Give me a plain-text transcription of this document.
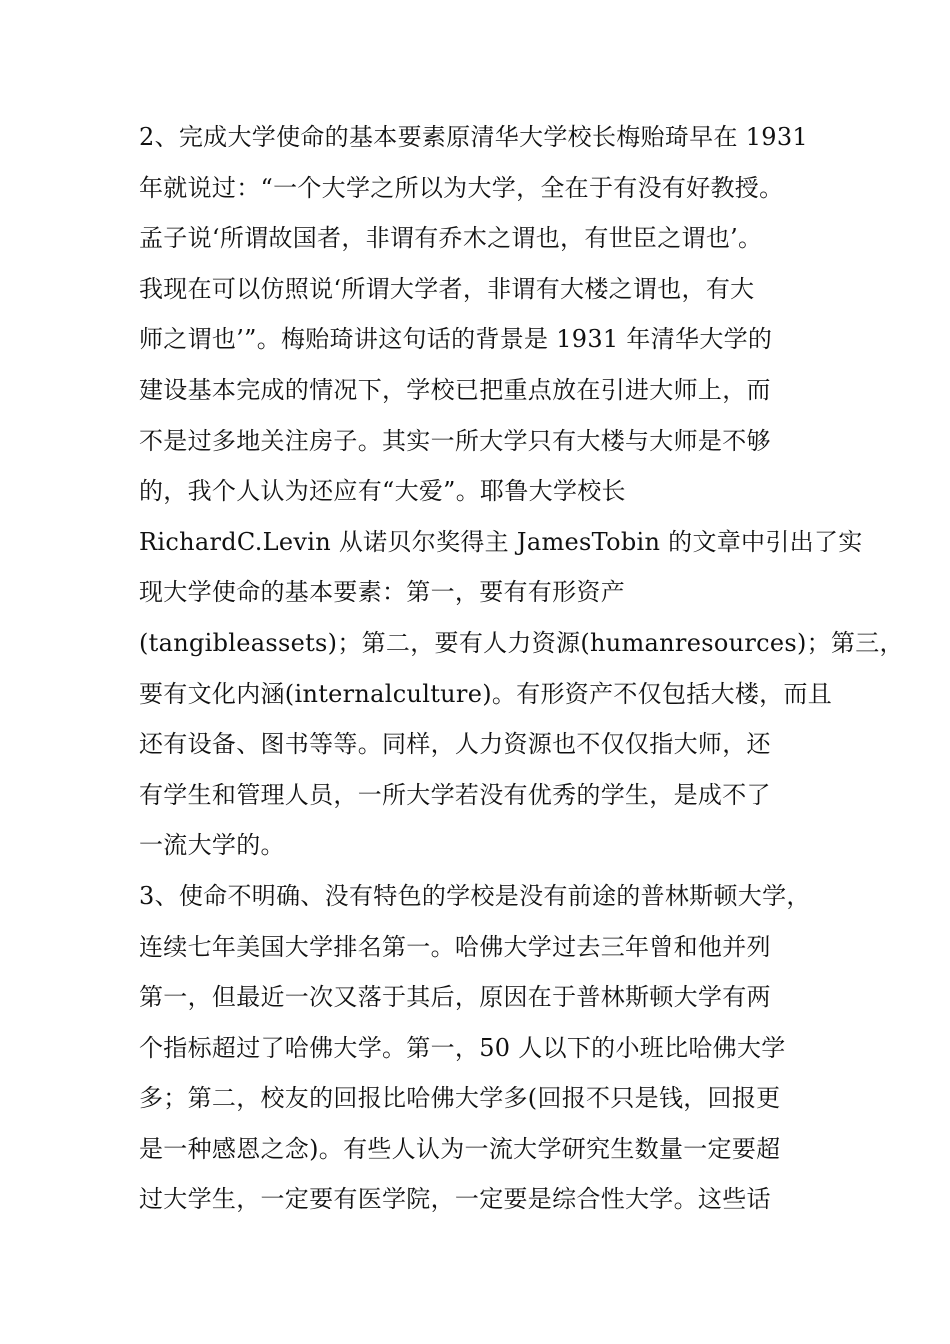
2、完成大学使命的基本要素原清华大学校长梅贻琦早在 1931
年就说过：“一个大学之所以为大学，全在于有没有好教授。
孟子说‘所谓故国者，非谓有乔木之谓也，有世臣之谓也’。
我现在可以仿照说‘所谓大学者，非谓有大楼之谓也，有大
师之谓也’”。梅贻琦讲这句话的背景是 1931 年清华大学的
建设基本完成的情况下，学校已把重点放在引进大师上，而
不是过多地关注房子。其实一所大学只有大楼与大师是不够
的，我个人认为还应有“大爱”。耶鲁大学校长
RichardC.Levin 从诺贝尔奖得主 JamesTobin 的文章中引出了实
现大学使命的基本要素：第一，要有有形资产
(tangibleassets)；第二，要有人力资源(humanresources)；第三，
要有文化内涵(internalculture)。有形资产不仅包括大楼，而且
还有设备、图书等等。同样，人力资源也不仅仅指大师，还
有学生和管理人员，一所大学若没有优秀的学生，是成不了
一流大学的。
3、使命不明确、没有特色的学校是没有前途的普林斯顿大学，
连续七年美国大学排名第一。哈佛大学过去三年曾和他并列
第一，但最近一次又落于其后，原因在于普林斯顿大学有两
个指标超过了哈佛大学。第一，50 人以下的小班比哈佛大学
多；第二，校友的回报比哈佛大学多(回报不只是钱，回报更
是一种感恩之念)。有些人认为一流大学研究生数量一定要超
过大学生，一定要有医学院，一定要是综合性大学。这些话
